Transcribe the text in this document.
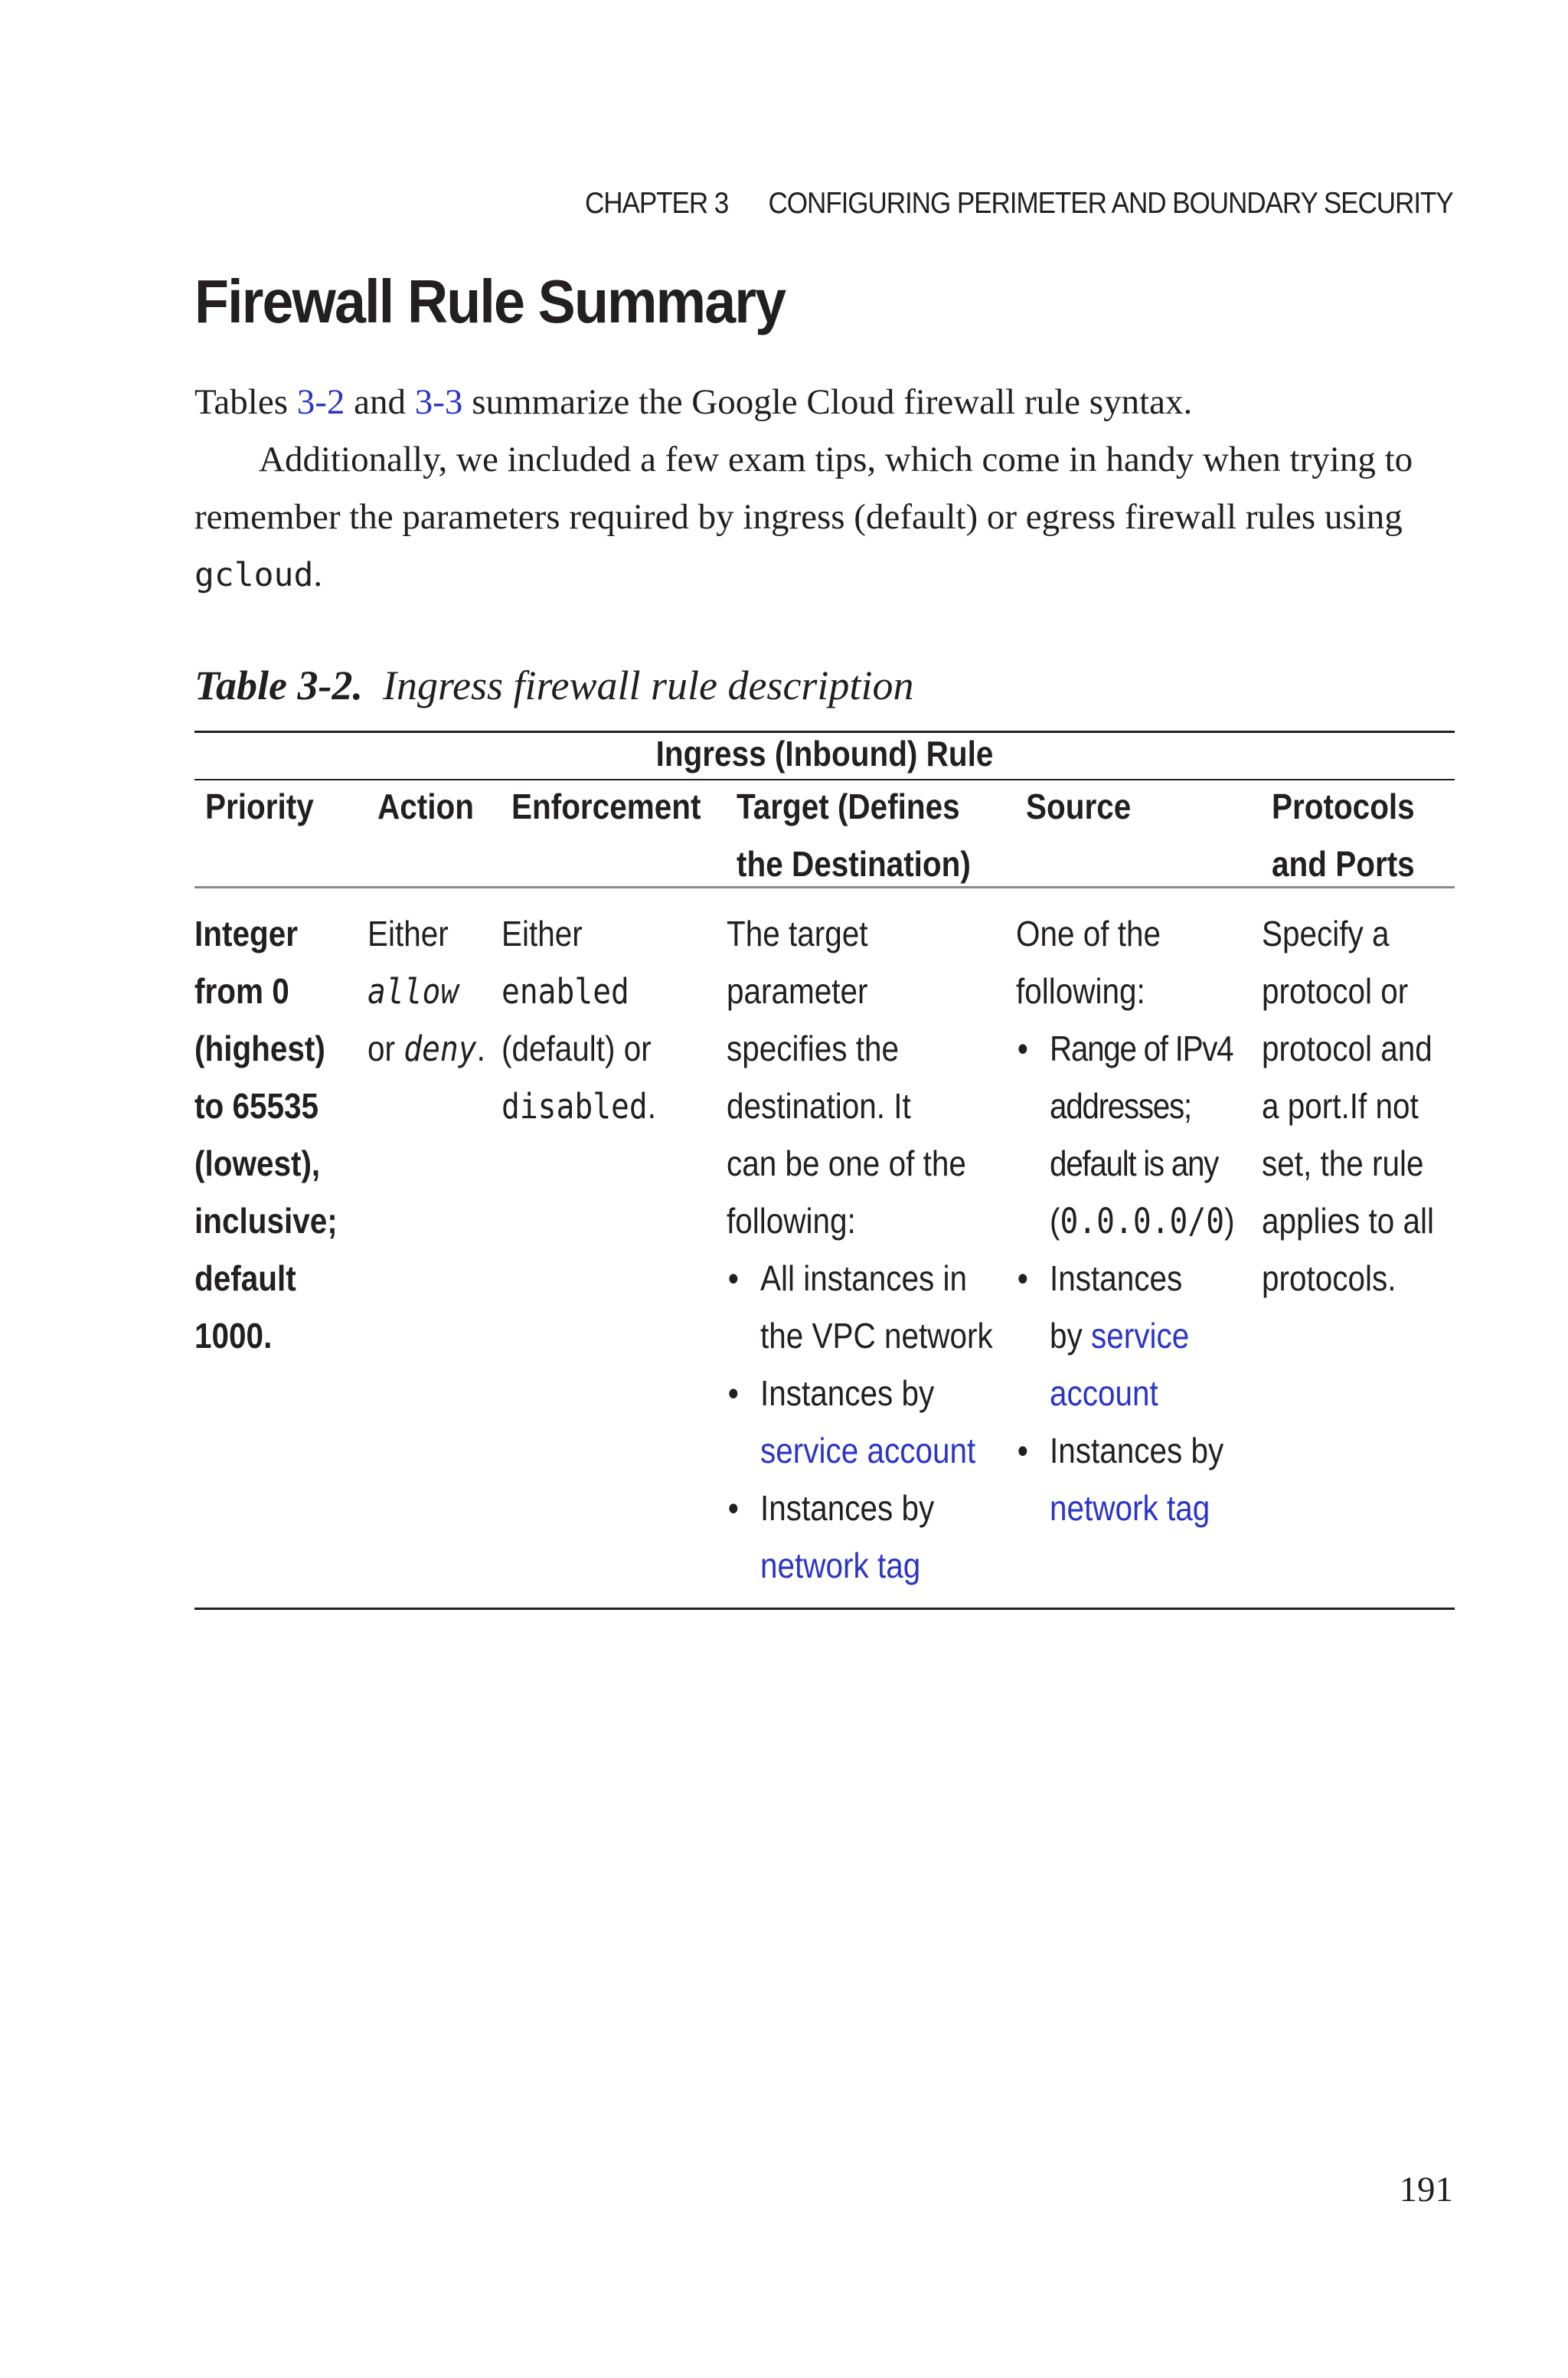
CHAPTER 3 CONFIGURING PERIMETER AND BOUNDARY SECURITY
Firewall Rule Summary

Tables 3-2 and 3-3 summarize the Google Cloud firewall rule syntax.

Additionally, we included a few exam tips, which come in handy when trying to remember the parameters required by ingress (default) or egress firewall rules using gcloud.

Table 3-2. Ingress firewall rule description

Ingress (Inbound) Rule
Priority Action Enforcement Target (Defines
the Destination)
Source	Protocols
and Ports
Integer
from 0
(highest)
to 65535
(lowest),
inclusive;
default
1000.
Either
allow
or deny.
Either
enabled
(default) or
disabled.
The target
parameter
specifies the
destination. It
can be one of the
following:
• All instances in
the VPC network
• Instances by
service account
• Instances by
network tag
One of the
following:
• Range of IPv4
addresses;
default is any
(0.0.0.0/0)
• Instances
by service
account
• Instances by
network tag
Specify a
protocol or
protocol and
a port.If not
set, the rule
applies to all
protocols.
191
